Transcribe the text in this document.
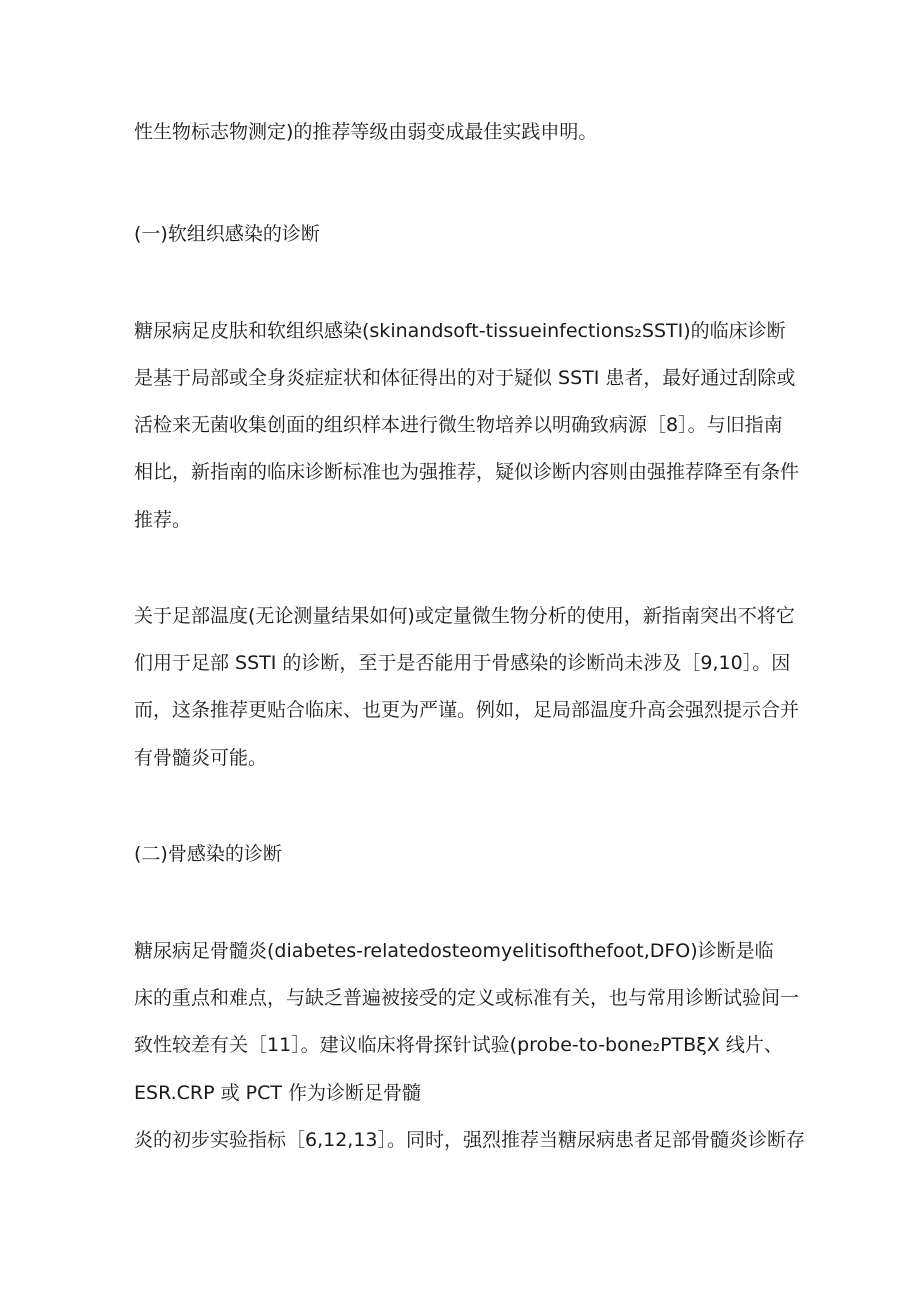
性生物标志物测定)的推荐等级由弱变成最佳实践申明。
(一)软组织感染的诊断
糖尿病足皮肤和软组织感染(skinandsoft-tissueinfections₂SSTI)的临床诊断
是基于局部或全身炎症症状和体征得出的对于疑似 SSTI 患者，最好通过刮除或
活检来无菌收集创面的组织样本进行微生物培养以明确致病源［8］。与旧指南
相比，新指南的临床诊断标准也为强推荐，疑似诊断内容则由强推荐降至有条件
推荐。
关于足部温度(无论测量结果如何)或定量微生物分析的使用，新指南突出不将它
们用于足部 SSTI 的诊断，至于是否能用于骨感染的诊断尚未涉及［9,10］。因
而，这条推荐更贴合临床、也更为严谨。例如，足局部温度升高会强烈提示合并
有骨髓炎可能。
(二)骨感染的诊断
糖尿病足骨髓炎(diabetes-relatedosteomyelitisofthefoot,DFO)诊断是临
床的重点和难点，与缺乏普遍被接受的定义或标准有关，也与常用诊断试验间一
致性较差有关［11］。建议临床将骨探针试验(probe-to-bone₂PTBξX 线片、
ESR.CRP 或 PCT 作为诊断足骨髓
炎的初步实验指标［6,12,13］。同时，强烈推荐当糖尿病患者足部骨髓炎诊断存
